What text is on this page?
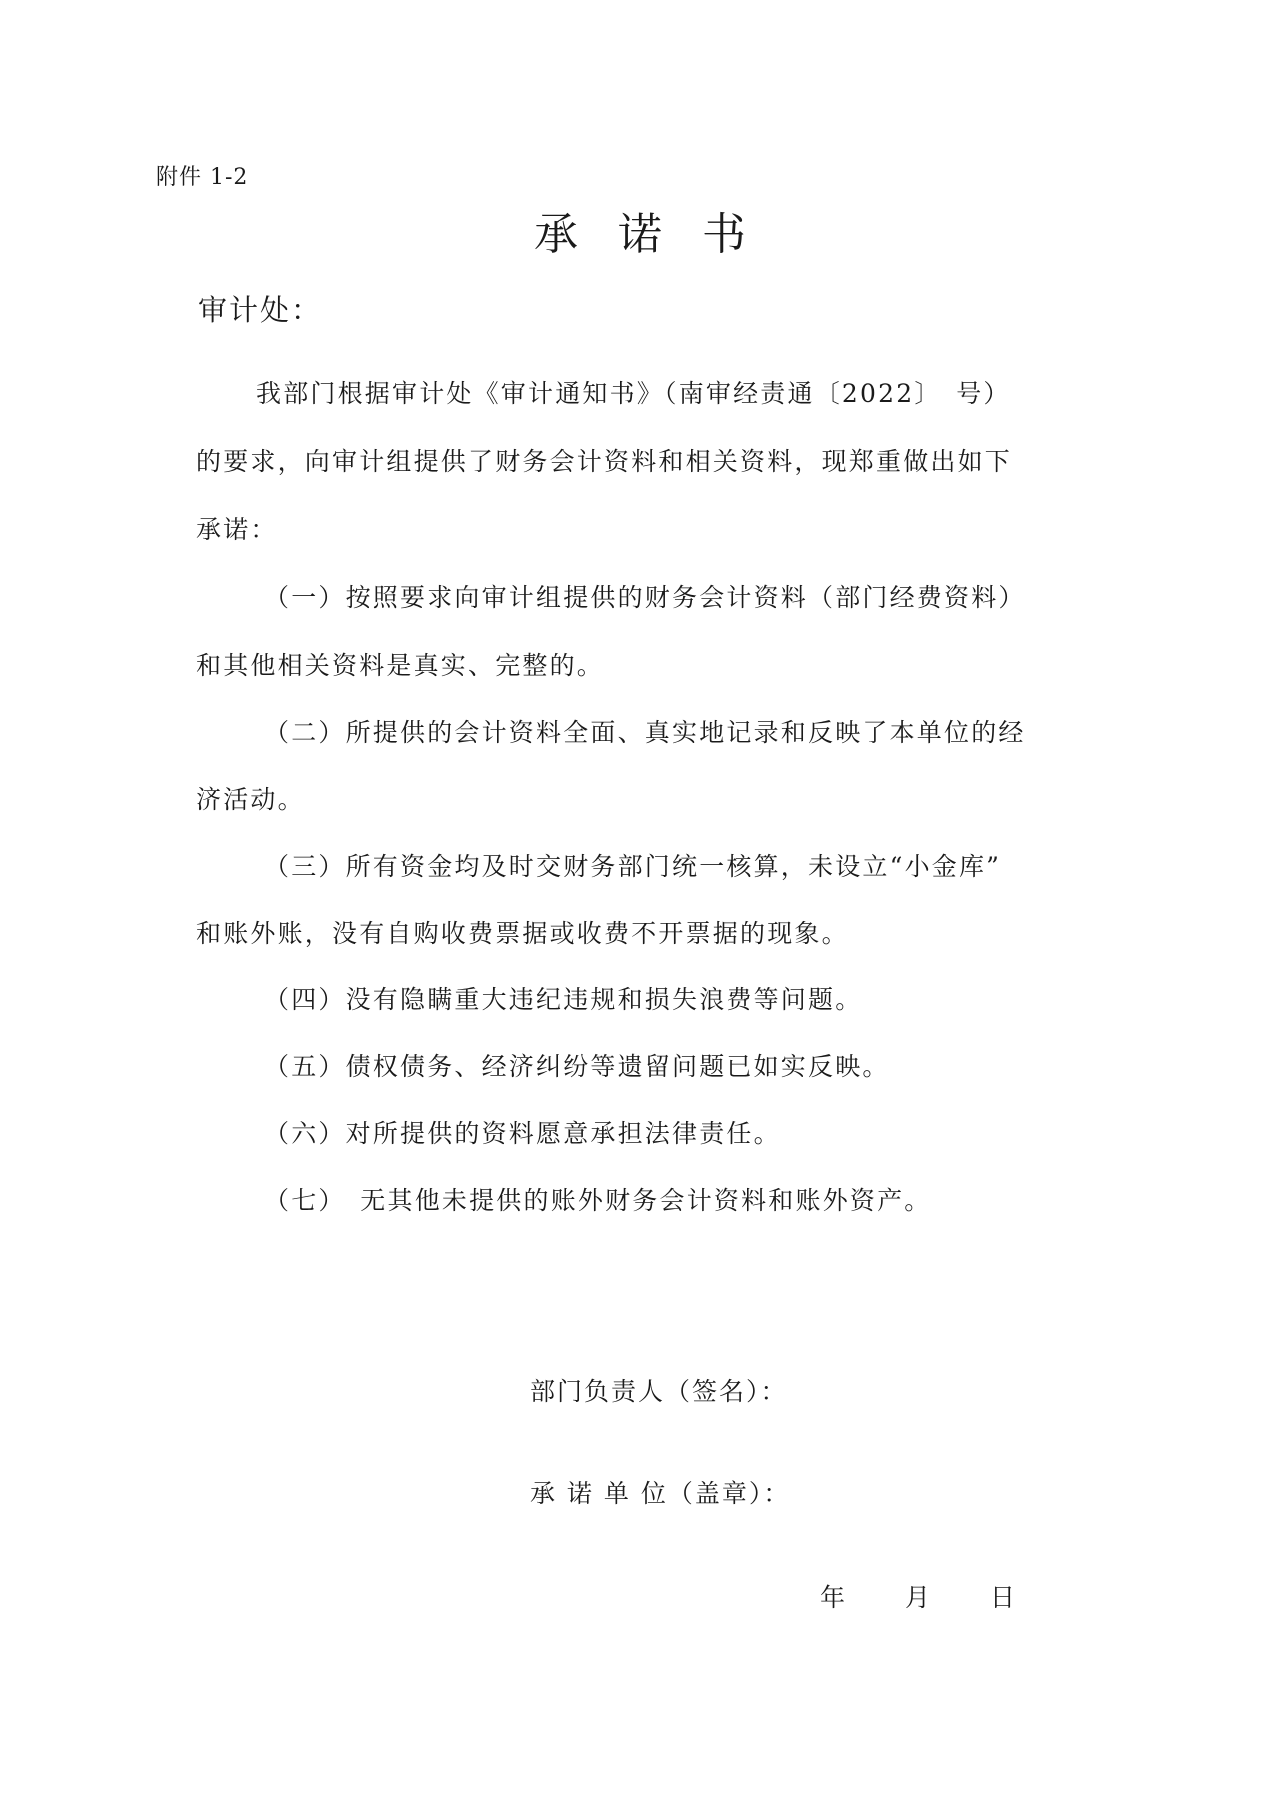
附件 1-2
承诺书
审计处：
我部门根据审计处《审计通知书》（南审经责通〔2022〕　号）
的要求，向审计组提供了财务会计资料和相关资料，现郑重做出如下
承诺：
（一）按照要求向审计组提供的财务会计资料（部门经费资料）
和其他相关资料是真实、完整的。
（二）所提供的会计资料全面、真实地记录和反映了本单位的经
济活动。
（三）所有资金均及时交财务部门统一核算，未设立“小金库”
和账外账，没有自购收费票据或收费不开票据的现象。
（四）没有隐瞒重大违纪违规和损失浪费等问题。
（五）债权债务、经济纠纷等遗留问题已如实反映。
（六）对所提供的资料愿意承担法律责任。
（七）　无其他未提供的账外财务会计资料和账外资产。
部门负责人（签名）：
承 诺 单 位（盖章）：
年 月 日
